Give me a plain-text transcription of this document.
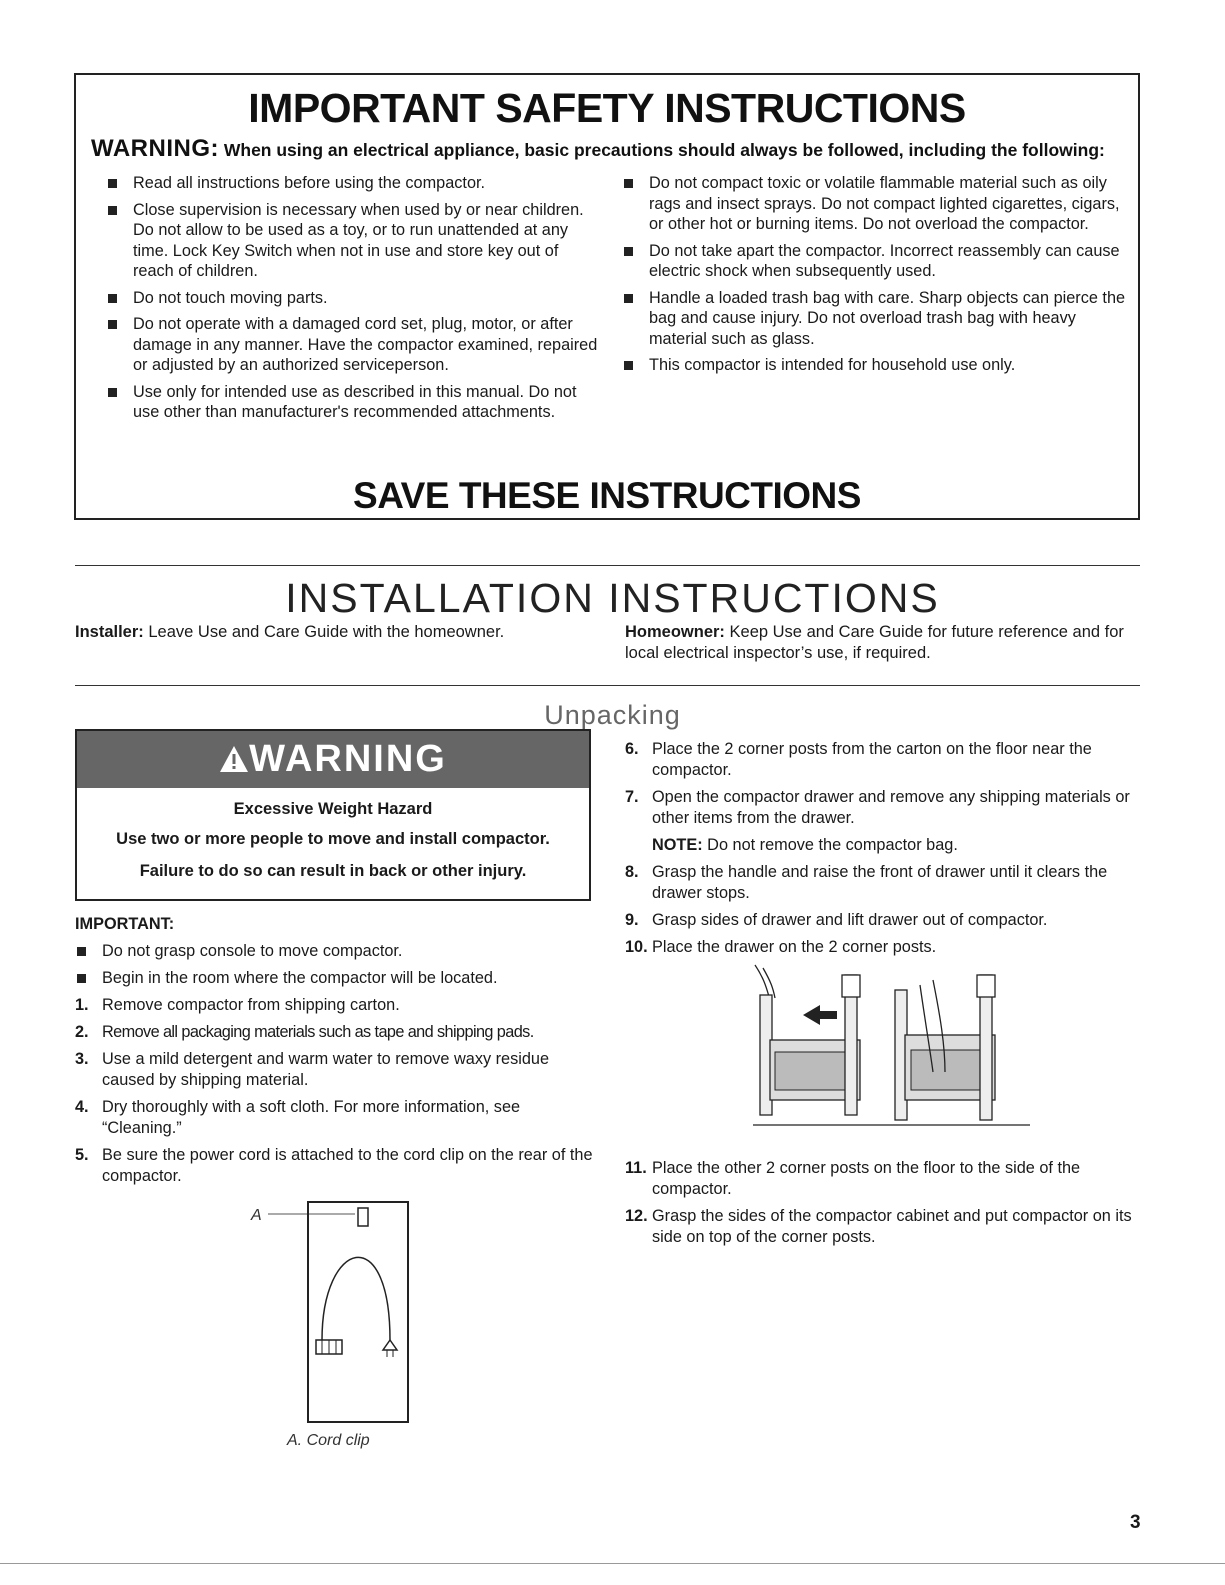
IMPORTANT SAFETY INSTRUCTIONS
WARNING: When using an electrical appliance, basic precautions should always be followed, including the following:
Read all instructions before using the compactor.
Close supervision is necessary when used by or near children. Do not allow to be used as a toy, or to run unattended at any time. Lock Key Switch when not in use and store key out of reach of children.
Do not touch moving parts.
Do not operate with a damaged cord set, plug, motor, or after damage in any manner. Have the compactor examined, repaired or adjusted by an authorized serviceperson.
Use only for intended use as described in this manual. Do not use other than manufacturer's recommended attachments.
Do not compact toxic or volatile flammable material such as oily rags and insect sprays. Do not compact lighted cigarettes, cigars, or other hot or burning items. Do not overload the compactor.
Do not take apart the compactor. Incorrect reassembly can cause electric shock when subsequently used.
Handle a loaded trash bag with care. Sharp objects can pierce the bag and cause injury. Do not overload trash bag with heavy material such as glass.
This compactor is intended for household use only.
SAVE THESE INSTRUCTIONS
INSTALLATION INSTRUCTIONS
Installer: Leave Use and Care Guide with the homeowner.	Homeowner: Keep Use and Care Guide for future reference and for local electrical inspector’s use, if required.
Unpacking
WARNING
Excessive Weight Hazard
Use two or more people to move and install compactor.
Failure to do so can result in back or other injury.
IMPORTANT:
Do not grasp console to move compactor.
Begin in the room where the compactor will be located.
1. Remove compactor from shipping carton.
2. Remove all packaging materials such as tape and shipping pads.
3. Use a mild detergent and warm water to remove waxy residue caused by shipping material.
4. Dry thoroughly with a soft cloth. For more information, see “Cleaning.”
5. Be sure the power cord is attached to the cord clip on the rear of the compactor.
A
A. Cord clip
6. Place the 2 corner posts from the carton on the floor near the compactor.
7. Open the compactor drawer and remove any shipping materials or other items from the drawer.
NOTE: Do not remove the compactor bag.
8. Grasp the handle and raise the front of drawer until it clears the drawer stops.
9. Grasp sides of drawer and lift drawer out of compactor.
10. Place the drawer on the 2 corner posts.
11. Place the other 2 corner posts on the floor to the side of the compactor.
12. Grasp the sides of the compactor cabinet and put compactor on its side on top of the corner posts.
3
